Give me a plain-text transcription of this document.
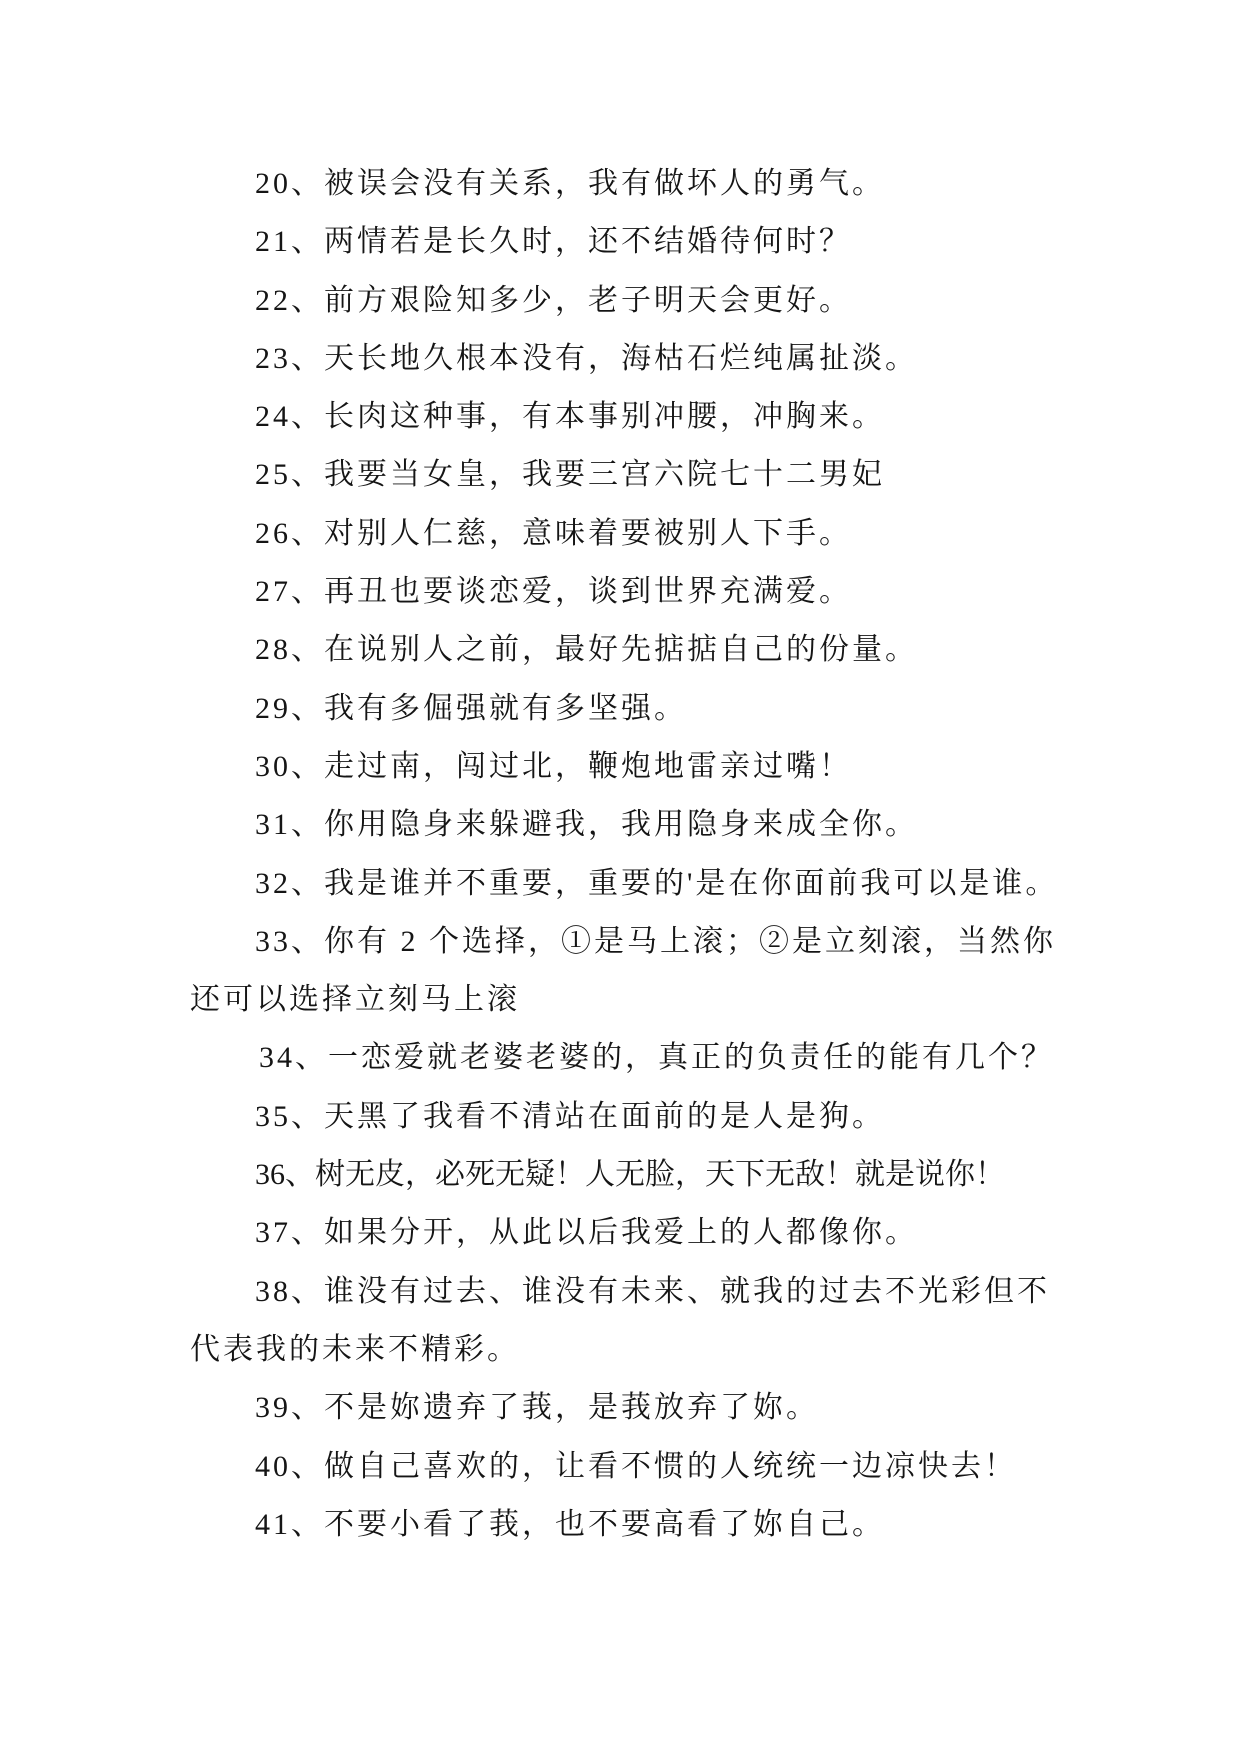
20、被误会没有关系，我有做坏人的勇气。
21、两情若是长久时，还不结婚待何时？
22、前方艰险知多少，老子明天会更好。
23、天长地久根本没有，海枯石烂纯属扯淡。
24、长肉这种事，有本事别冲腰，冲胸来。
25、我要当女皇，我要三宫六院七十二男妃
26、对别人仁慈，意味着要被别人下手。
27、再丑也要谈恋爱，谈到世界充满爱。
28、在说别人之前，最好先掂掂自己的份量。
29、我有多倔强就有多坚强。
30、走过南，闯过北，鞭炮地雷亲过嘴！
31、你用隐身来躲避我，我用隐身来成全你。
32、我是谁并不重要，重要的'是在你面前我可以是谁。
33、你有 2 个选择，①是马上滚；②是立刻滚，当然你
还可以选择立刻马上滚
34、一恋爱就老婆老婆的，真正的负责任的能有几个？
35、天黑了我看不清站在面前的是人是狗。
36、树无皮，必死无疑！人无脸，天下无敌！就是说你！
37、如果分开，从此以后我爱上的人都像你。
38、谁没有过去、谁没有未来、就我的过去不光彩但不
代表我的未来不精彩。
39、不是妳遗弃了莪，是莪放弃了妳。
40、做自己喜欢的，让看不惯的人统统一边凉快去！
41、不要小看了莪，也不要高看了妳自己。
